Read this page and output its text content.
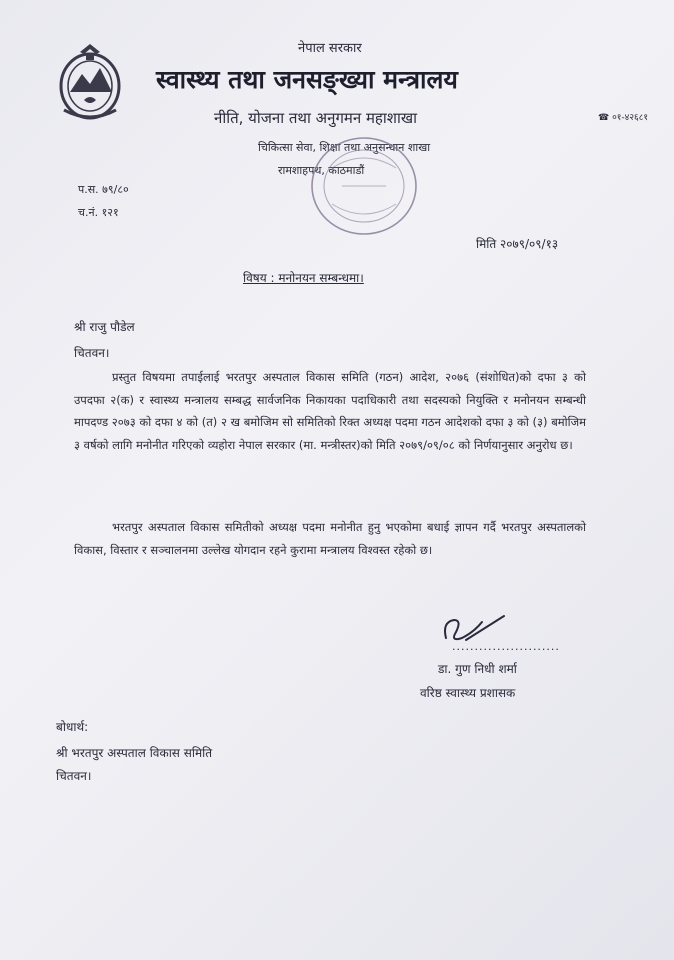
नेपाल सरकार
स्वास्थ्य तथा जनसङ्ख्या मन्त्रालय
नीति, योजना तथा अनुगमन महाशाखा	☎ ०१-४२६८१
चिकित्सा सेवा, शिक्षा तथा अनुसन्धान शाखा
रामशाहपथ, काठमाडौं
प.स. ७९/८०
च.नं. १२१
मिति २०७९/०९/१३
विषय : मनोनयन सम्बन्धमा।
श्री राजु पौडेल
चितवन।
प्रस्तुत विषयमा तपाईलाई भरतपुर अस्पताल विकास समिति (गठन) आदेश, २०७६ (संशोधित)को दफा ३ को उपदफा २(क) र स्वास्थ्य मन्त्रालय सम्बद्ध सार्वजनिक निकायका पदाधिकारी तथा सदस्यको नियुक्ति र मनोनयन सम्बन्धी मापदण्ड २०७३ को दफा ४ को (त) २ ख बमोजिम सो समितिको रिक्त अध्यक्ष पदमा गठन आदेशको दफा ३ को (३) बमोजिम ३ वर्षको लागि मनोनीत गरिएको व्यहोरा नेपाल सरकार (मा. मन्त्रीस्तर)को मिति २०७९/०९/०८ को निर्णयानुसार अनुरोध छ।
भरतपुर अस्पताल विकास समितीको अध्यक्ष पदमा मनोनीत हुनु भएकोमा बधाई ज्ञापन गर्दै भरतपुर अस्पतालको विकास, विस्तार र सञ्चालनमा उल्लेख योगदान रहने कुरामा मन्त्रालय विश्वस्त रहेको छ।
........................
डा. गुण निधी शर्मा
वरिष्ठ स्वास्थ्य प्रशासक
बोधार्थ:
श्री भरतपुर अस्पताल विकास समिति
चितवन।
